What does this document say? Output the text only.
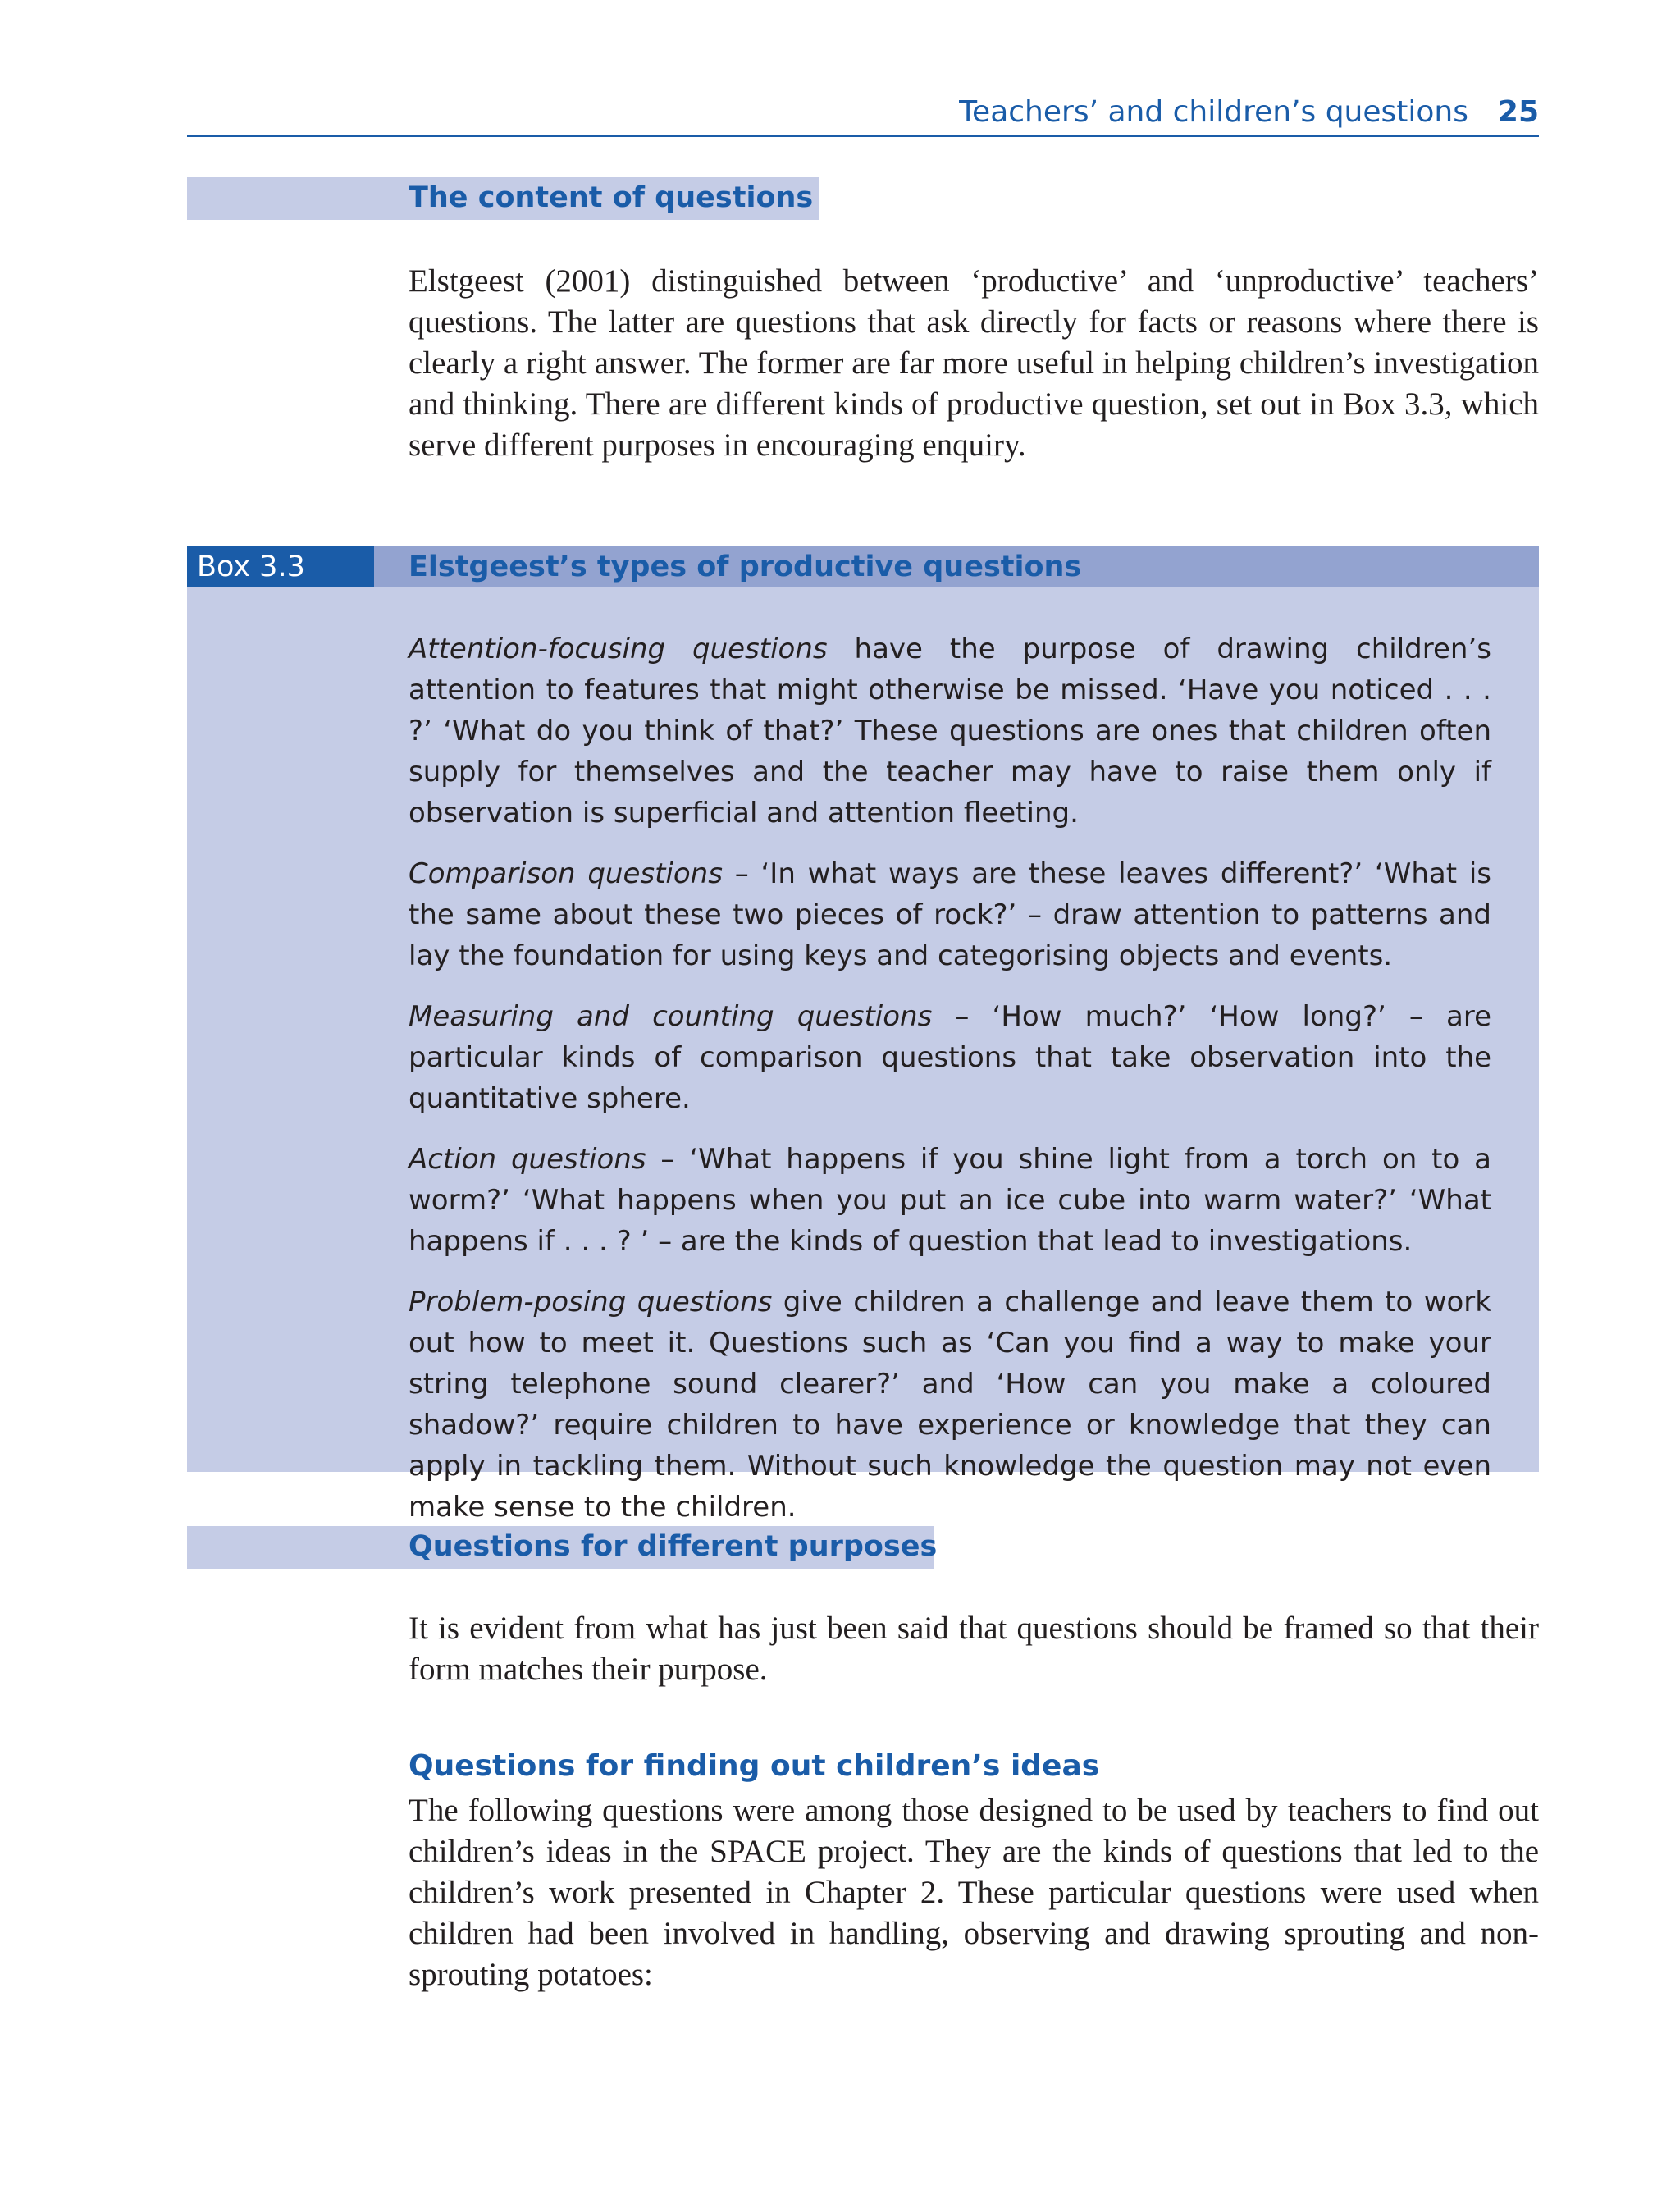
Teachers’ and children’s questions 25
The content of questions

Elstgeest (2001) distinguished between ‘productive’ and ‘unproductive’ teachers’ questions. The latter are questions that ask directly for facts or reasons where there is clearly a right answer. The former are far more useful in helping children’s investigation and thinking. There are different kinds of productive question, set out in Box 3.3, which serve different purposes in encouraging enquiry.

Box 3.3	Elstgeest’s types of productive questions

Attention-focusing questions have the purpose of drawing children’s attention to features that might otherwise be missed. ‘Have you noticed . . . ?’ ‘What do you think of that?’ These questions are ones that children often supply for themselves and the teacher may have to raise them only if observation is superficial and attention fleeting.

Comparison questions – ‘In what ways are these leaves different?’ ‘What is the same about these two pieces of rock?’ – draw attention to patterns and lay the foundation for using keys and categorising objects and events.

Measuring and counting questions – ‘How much?’ ‘How long?’ – are particular kinds of comparison questions that take observation into the quantitative sphere.

Action questions – ‘What happens if you shine light from a torch on to a worm?’ ‘What happens when you put an ice cube into warm water?’ ‘What happens if . . . ? ’ – are the kinds of question that lead to investigations.

Problem-posing questions give children a challenge and leave them to work out how to meet it. Questions such as ‘Can you find a way to make your string telephone sound clearer?’ and ‘How can you make a coloured shadow?’ require children to have experience or knowledge that they can apply in tackling them. Without such knowledge the question may not even make sense to the children.

Questions for different purposes

It is evident from what has just been said that questions should be framed so that their form matches their purpose.

Questions for finding out children’s ideas

The following questions were among those designed to be used by teachers to find out children’s ideas in the SPACE project. They are the kinds of questions that led to the children’s work presented in Chapter 2. These particular questions were used when children had been involved in handling, observing and drawing sprouting and non-sprouting potatoes:
